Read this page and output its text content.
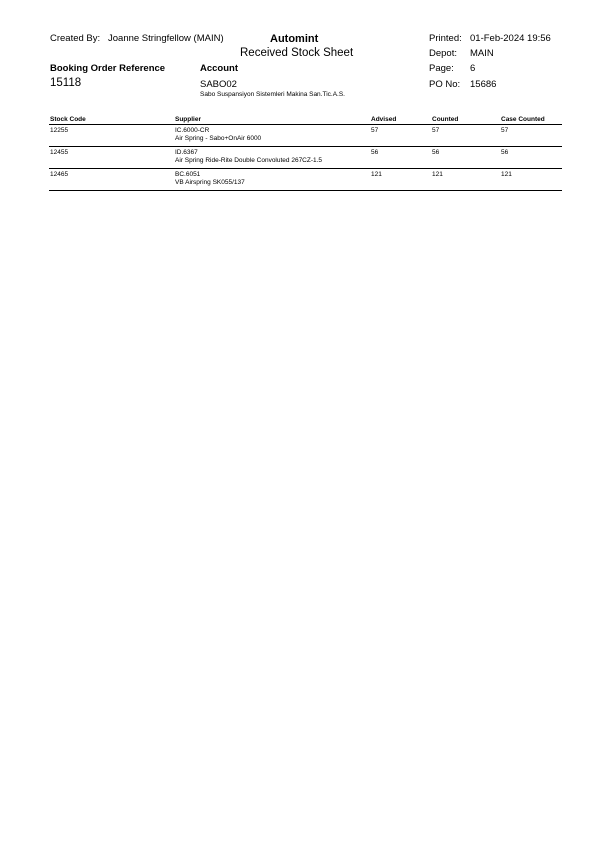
Created By: Joanne Stringfellow (MAIN)	Automint
Received Stock Sheet
Printed: 01-Feb-2024 19:56
Depot: MAIN
Page: 6
PO No: 15686
Booking Order Reference
15118
Account
SABO02
Sabo Suspansiyon Sistemleri Makina San.Tic.A.S.
Stock Code	Supplier	Advised	Counted	Case Counted
12255	IC.6000-CR
Air Spring - Sabo+OnAir 6000	57	57	57
12455	ID.6367
Air Spring Ride-Rite Double Convoluted 267CZ-1.5	56	56	56
12465	BC.6051
VB Airspring SK055/137	121	121	121
